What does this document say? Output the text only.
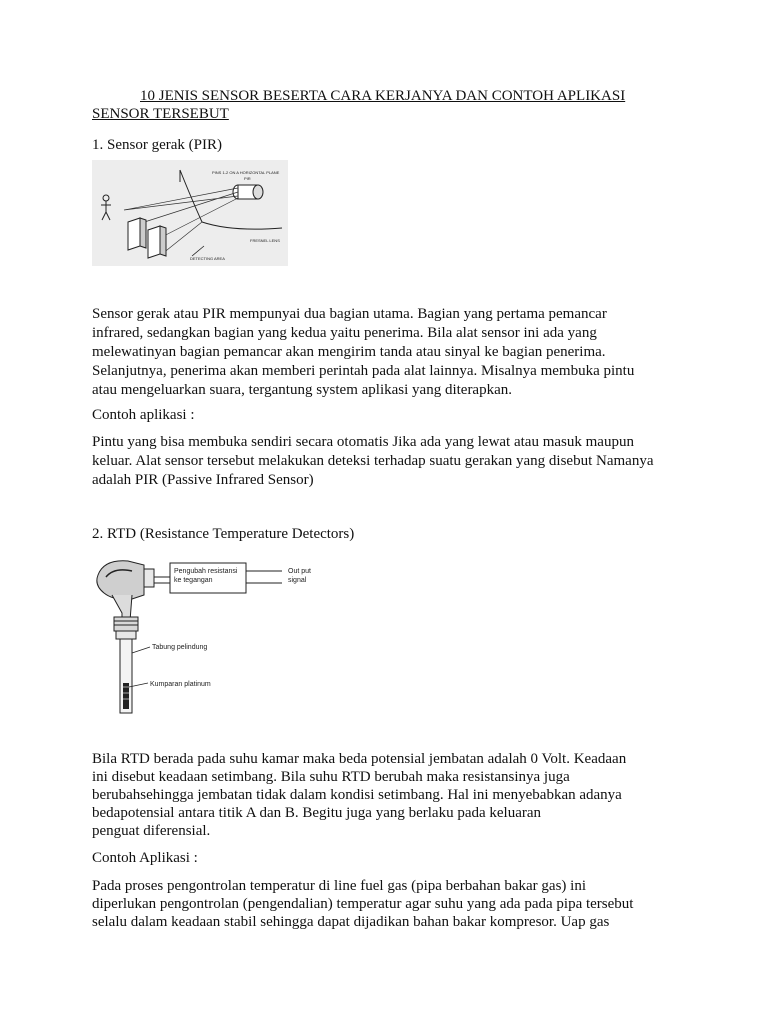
10 JENIS SENSOR BESERTA CARA KERJANYA DAN CONTOH APLIKASI
SENSOR TERSEBUT
1. Sensor gerak (PIR)
PINS 1-2 ON A HORIZONTAL PLANE
PIR
FRESNEL LENS
DETECTING AREA
Sensor gerak atau PIR mempunyai dua bagian utama. Bagian yang pertama pemancar
infrared, sedangkan bagian yang kedua yaitu penerima. Bila alat sensor ini ada yang
melewatinyan bagian pemancar akan mengirim tanda atau sinyal ke bagian penerima.
Selanjutnya, penerima akan memberi perintah pada alat lainnya. Misalnya membuka pintu
atau mengeluarkan suara, tergantung system aplikasi yang diterapkan.
Contoh aplikasi :
Pintu yang bisa membuka sendiri secara otomatis Jika ada yang lewat atau masuk maupun
keluar. Alat sensor tersebut melakukan deteksi terhadap suatu gerakan yang disebut Namanya
adalah PIR (Passive Infrared Sensor)
2. RTD (Resistance Temperature Detectors)
Pengubah resistansi
ke tegangan
Out put
signal
Tabung pelindung
Kumparan platinum
Bila RTD berada pada suhu kamar maka beda potensial jembatan adalah 0 Volt. Keadaan
ini disebut keadaan setimbang. Bila suhu RTD berubah maka resistansinya juga
berubahsehingga jembatan tidak dalam kondisi setimbang. Hal ini menyebabkan adanya
bedapotensial antara titik A dan B. Begitu juga yang berlaku pada keluaran
penguat diferensial.
Contoh Aplikasi :
Pada proses pengontrolan temperatur di line fuel gas (pipa berbahan bakar gas) ini
diperlukan pengontrolan (pengendalian) temperatur agar suhu yang ada pada pipa tersebut
selalu dalam keadaan stabil sehingga dapat dijadikan bahan bakar kompresor. Uap gas
